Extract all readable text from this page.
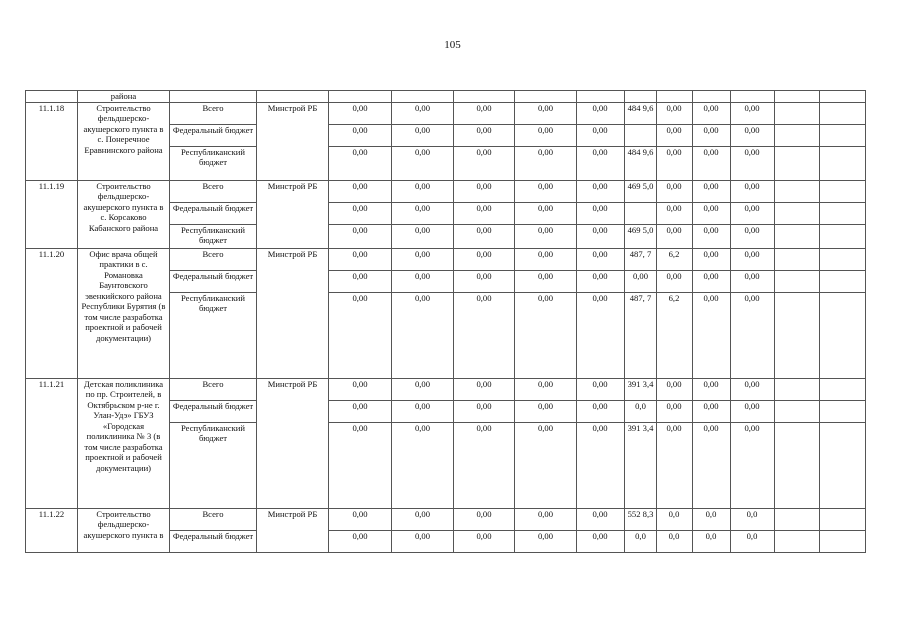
105
	района													
11.1.18	Строительство фельдшерско-акушерского пункта в с. Понеречное Еравнинского района	Всего	Минстрой РБ	0,00	0,00	0,00	0,00	0,00	484 9,6	0,00	0,00	0,00		
		Федеральный бюджет		0,00	0,00	0,00	0,00	0,00		0,00	0,00	0,00		
		Республиканский бюджет		0,00	0,00	0,00	0,00	0,00	484 9,6	0,00	0,00	0,00		
11.1.19	Строительство фельдшерско-акушерского пункта в с. Корсаково Кабанского района	Всего	Минстрой РБ	0,00	0,00	0,00	0,00	0,00	469 5,0	0,00	0,00	0,00		
		Федеральный бюджет		0,00	0,00	0,00	0,00	0,00		0,00	0,00	0,00		
		Республиканский бюджет		0,00	0,00	0,00	0,00	0,00	469 5,0	0,00	0,00	0,00		
11.1.20	Офис врача общей практики в с. Романовка Баунтовского эвенкийского района Республики Бурятия (в том числе разработка проектной и рабочей документации)	Всего	Минстрой РБ	0,00	0,00	0,00	0,00	0,00	487, 7	6,2	0,00	0,00		
		Федеральный бюджет		0,00	0,00	0,00	0,00	0,00	0,00	0,00	0,00	0,00		
		Республиканский бюджет		0,00	0,00	0,00	0,00	0,00	487, 7	6,2	0,00	0,00		
11.1.21	Детская поликлиника по пр. Строителей, в Октябрьском р-не г. Улан-Удэ» ГБУЗ «Городская поликлиника № 3 (в том числе разработка проектной и рабочей документации)	Всего	Минстрой РБ	0,00	0,00	0,00	0,00	0,00	391 3,4	0,00	0,00	0,00		
		Федеральный бюджет		0,00	0,00	0,00	0,00	0,00	0,0	0,00	0,00	0,00		
		Республиканский бюджет		0,00	0,00	0,00	0,00	0,00	391 3,4	0,00	0,00	0,00		
11.1.22	Строительство фельдшерско-акушерского пункта в	Всего	Минстрой РБ	0,00	0,00	0,00	0,00	0,00	552 8,3	0,0	0,0	0,0		
		Федеральный бюджет		0,00	0,00	0,00	0,00	0,00	0,0	0,0	0,0	0,0		
